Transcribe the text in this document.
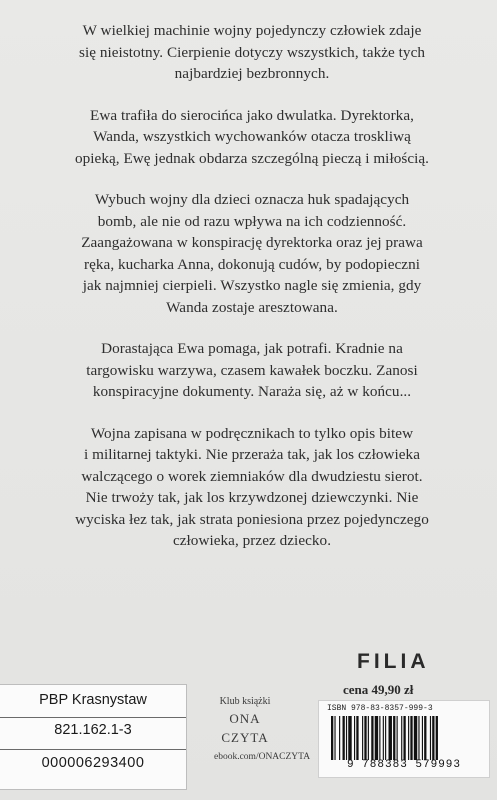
W wielkiej machinie wojny pojedynczy człowiek zdaje
się nieistotny. Cierpienie dotyczy wszystkich, także tych
najbardziej bezbronnych.

Ewa trafiła do sierocińca jako dwulatka. Dyrektorka,
Wanda, wszystkich wychowanków otacza troskliwą
opieką, Ewę jednak obdarza szczególną pieczą i miłością.

Wybuch wojny dla dzieci oznacza huk spadających
bomb, ale nie od razu wpływa na ich codzienność.
Zaangażowana w konspirację dyrektorka oraz jej prawa
ręka, kucharka Anna, dokonują cudów, by podopieczni
jak najmniej cierpieli. Wszystko nagle się zmienia, gdy
Wanda zostaje aresztowana.

Dorastająca Ewa pomaga, jak potrafi. Kradnie na
targowisku warzywa, czasem kawałek boczku. Zanosi
konspiracyjne dokumenty. Naraża się, aż w końcu...

Wojna zapisana w podręcznikach to tylko opis bitew
i militarnej taktyki. Nie przeraża tak, jak los człowieka
walczącego o worek ziemniaków dla dwudziestu sierot.
Nie trwoży tak, jak los krzywdzonej dziewczynki. Nie
wyciska łez tak, jak strata poniesiona przez pojedynczego
człowieka, przez dziecko.

FILIA
cena 49,90 zł
ISBN 978-83-8357-999-3
9 788383 579993
Klub książki
ONA
CZYTA
ebook.com/ONACZYTA
PBP Krasnystaw
821.162.1-3
000006293400
